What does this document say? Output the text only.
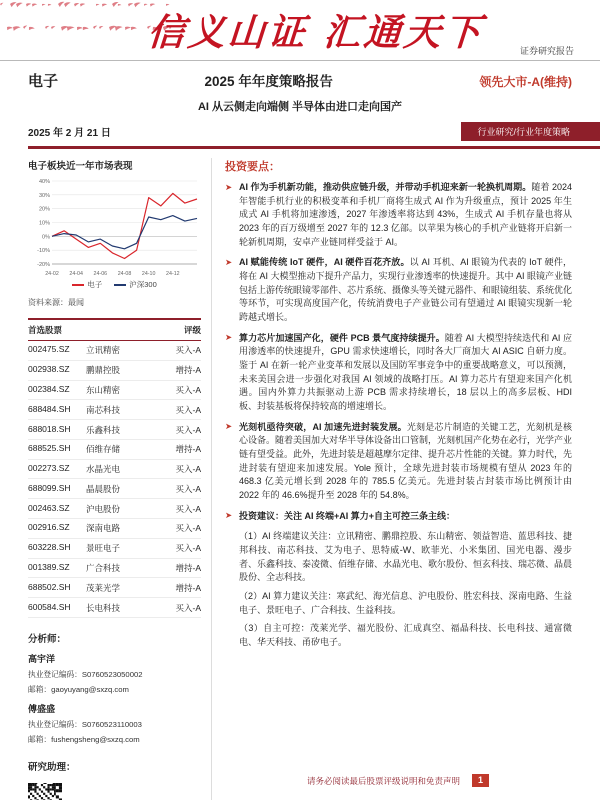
信义山证 汇通天下	证券研究报告
电子	2025 年年度策略报告	领先大市-A(维持)
AI 从云侧走向端侧 半导体由进口走向国产
2025 年 2 月 21 日	行业研究/行业年度策略
电子板块近一年市场表现
40%
30%
20%
10%
0%
-10%
-20%
24-02 24-04 24-06 24-08 24-10 24-12
电子	沪深300
资料来源：最闻
首选股票	评级
002475.SZ	立讯精密	买入-A
002938.SZ	鹏鼎控股	增持-A
002384.SZ	东山精密	买入-A
688484.SH	南芯科技	买入-A
688018.SH	乐鑫科技	买入-A
688525.SH	佰维存储	增持-A
002273.SZ	水晶光电	买入-A
688099.SH	晶晨股份	买入-A
002463.SZ	沪电股份	买入-A
002916.SZ	深南电路	买入-A
603228.SH	景旺电子	买入-A
001389.SZ	广合科技	增持-A
688502.SH	茂莱光学	增持-A
600584.SH	长电科技	买入-A
分析师：
高宇洋
执业登记编码：S0760523050002
邮箱：gaoyuyang@sxzq.com
傅盛盛
执业登记编码：S0760523110003
邮箱：fushengsheng@sxzq.com
研究助理：
投资要点：
➤ AI 作为手机新功能，推动供应链升级，并带动手机迎来新一轮换机周期。随着 2024 年智能手机行业的积极变革和手机厂商将生成式 AI 作为升级重点，预计 2025 年生成式 AI 手机将加速渗透，2027 年渗透率将达到 43%，生成式 AI 手机存量也将从 2023 年的百万级增至 2027 年的 12.3 亿部。以苹果为核心的手机产业链将开启新一轮新机周期，安卓产业链同样受益于 AI。
➤ AI 赋能传统 IoT 硬件，AI 硬件百花齐放。以 AI 耳机、AI 眼镜为代表的 IoT 硬件，将在 AI 大模型推动下提升产品力，实现行业渗透率的快速提升。其中 AI 眼镜产业链包括上游传统眼镜零部件、芯片系统、摄像头等关键元器件、和眼镜组装、系统优化等环节，可实现高度国产化，传统消费电子产业链公司有望通过 AI 眼镜实现新一轮跨越式增长。
➤ 算力芯片加速国产化，硬件 PCB 景气度持续提升。随着 AI 大模型持续迭代和 AI 应用渗透率的快速提升，GPU 需求快速增长，同时各大厂商加大 AI ASIC 自研力度。鉴于 AI 在新一轮产业变革和发展以及国防军事竞争中的重要战略意义，可以预测，未来美国会进一步强化对我国 AI 领域的战略打压。AI 算力芯片有望迎来国产化机遇。国内外算力共振驱动上游 PCB 需求持续增长，18 层以上的高多层板、HDI 板、封装基板将保持较高的增速增长。
➤ 光刻机亟待突破，AI 加速先进封装发展。光刻是芯片制造的关键工艺，光刻机是核心设备。随着美国加大对华半导体设备出口管制，光刻机国产化势在必行，光学产业链有望受益。此外，先进封装是超越摩尔定律、提升芯片性能的关键。算力时代，先进封装有望迎来加速发展。Yole 预计，全球先进封装市场规模有望从 2023 年的 468.3 亿美元增长到 2028 年的 785.5 亿美元。先进封装占封装市场比例预计由 2022 年的 46.6%提升至 2028 年的 54.8%。
➤ 投资建议：关注 AI 终端+AI 算力+自主可控三条主线：
（1）AI 终端建议关注：立讯精密、鹏鼎控股、东山精密、领益智造、蓝思科技、捷邦科技、南芯科技、艾为电子、思特威-W、欧菲光、小米集团、国光电器、漫步者、乐鑫科技、泰凌微、佰维存储、水晶光电、歌尔股份、恒玄科技、瑞芯微、晶晨股份、全志科技。
（2）AI 算力建议关注：寒武纪、海光信息、沪电股份、胜宏科技、深南电路、生益电子、景旺电子、广合科技、生益科技。
（3）自主可控：茂莱光学、福光股份、汇成真空、福晶科技、长电科技、通富微电、华天科技、甬矽电子。
请务必阅读最后股票评级说明和免责声明	1
